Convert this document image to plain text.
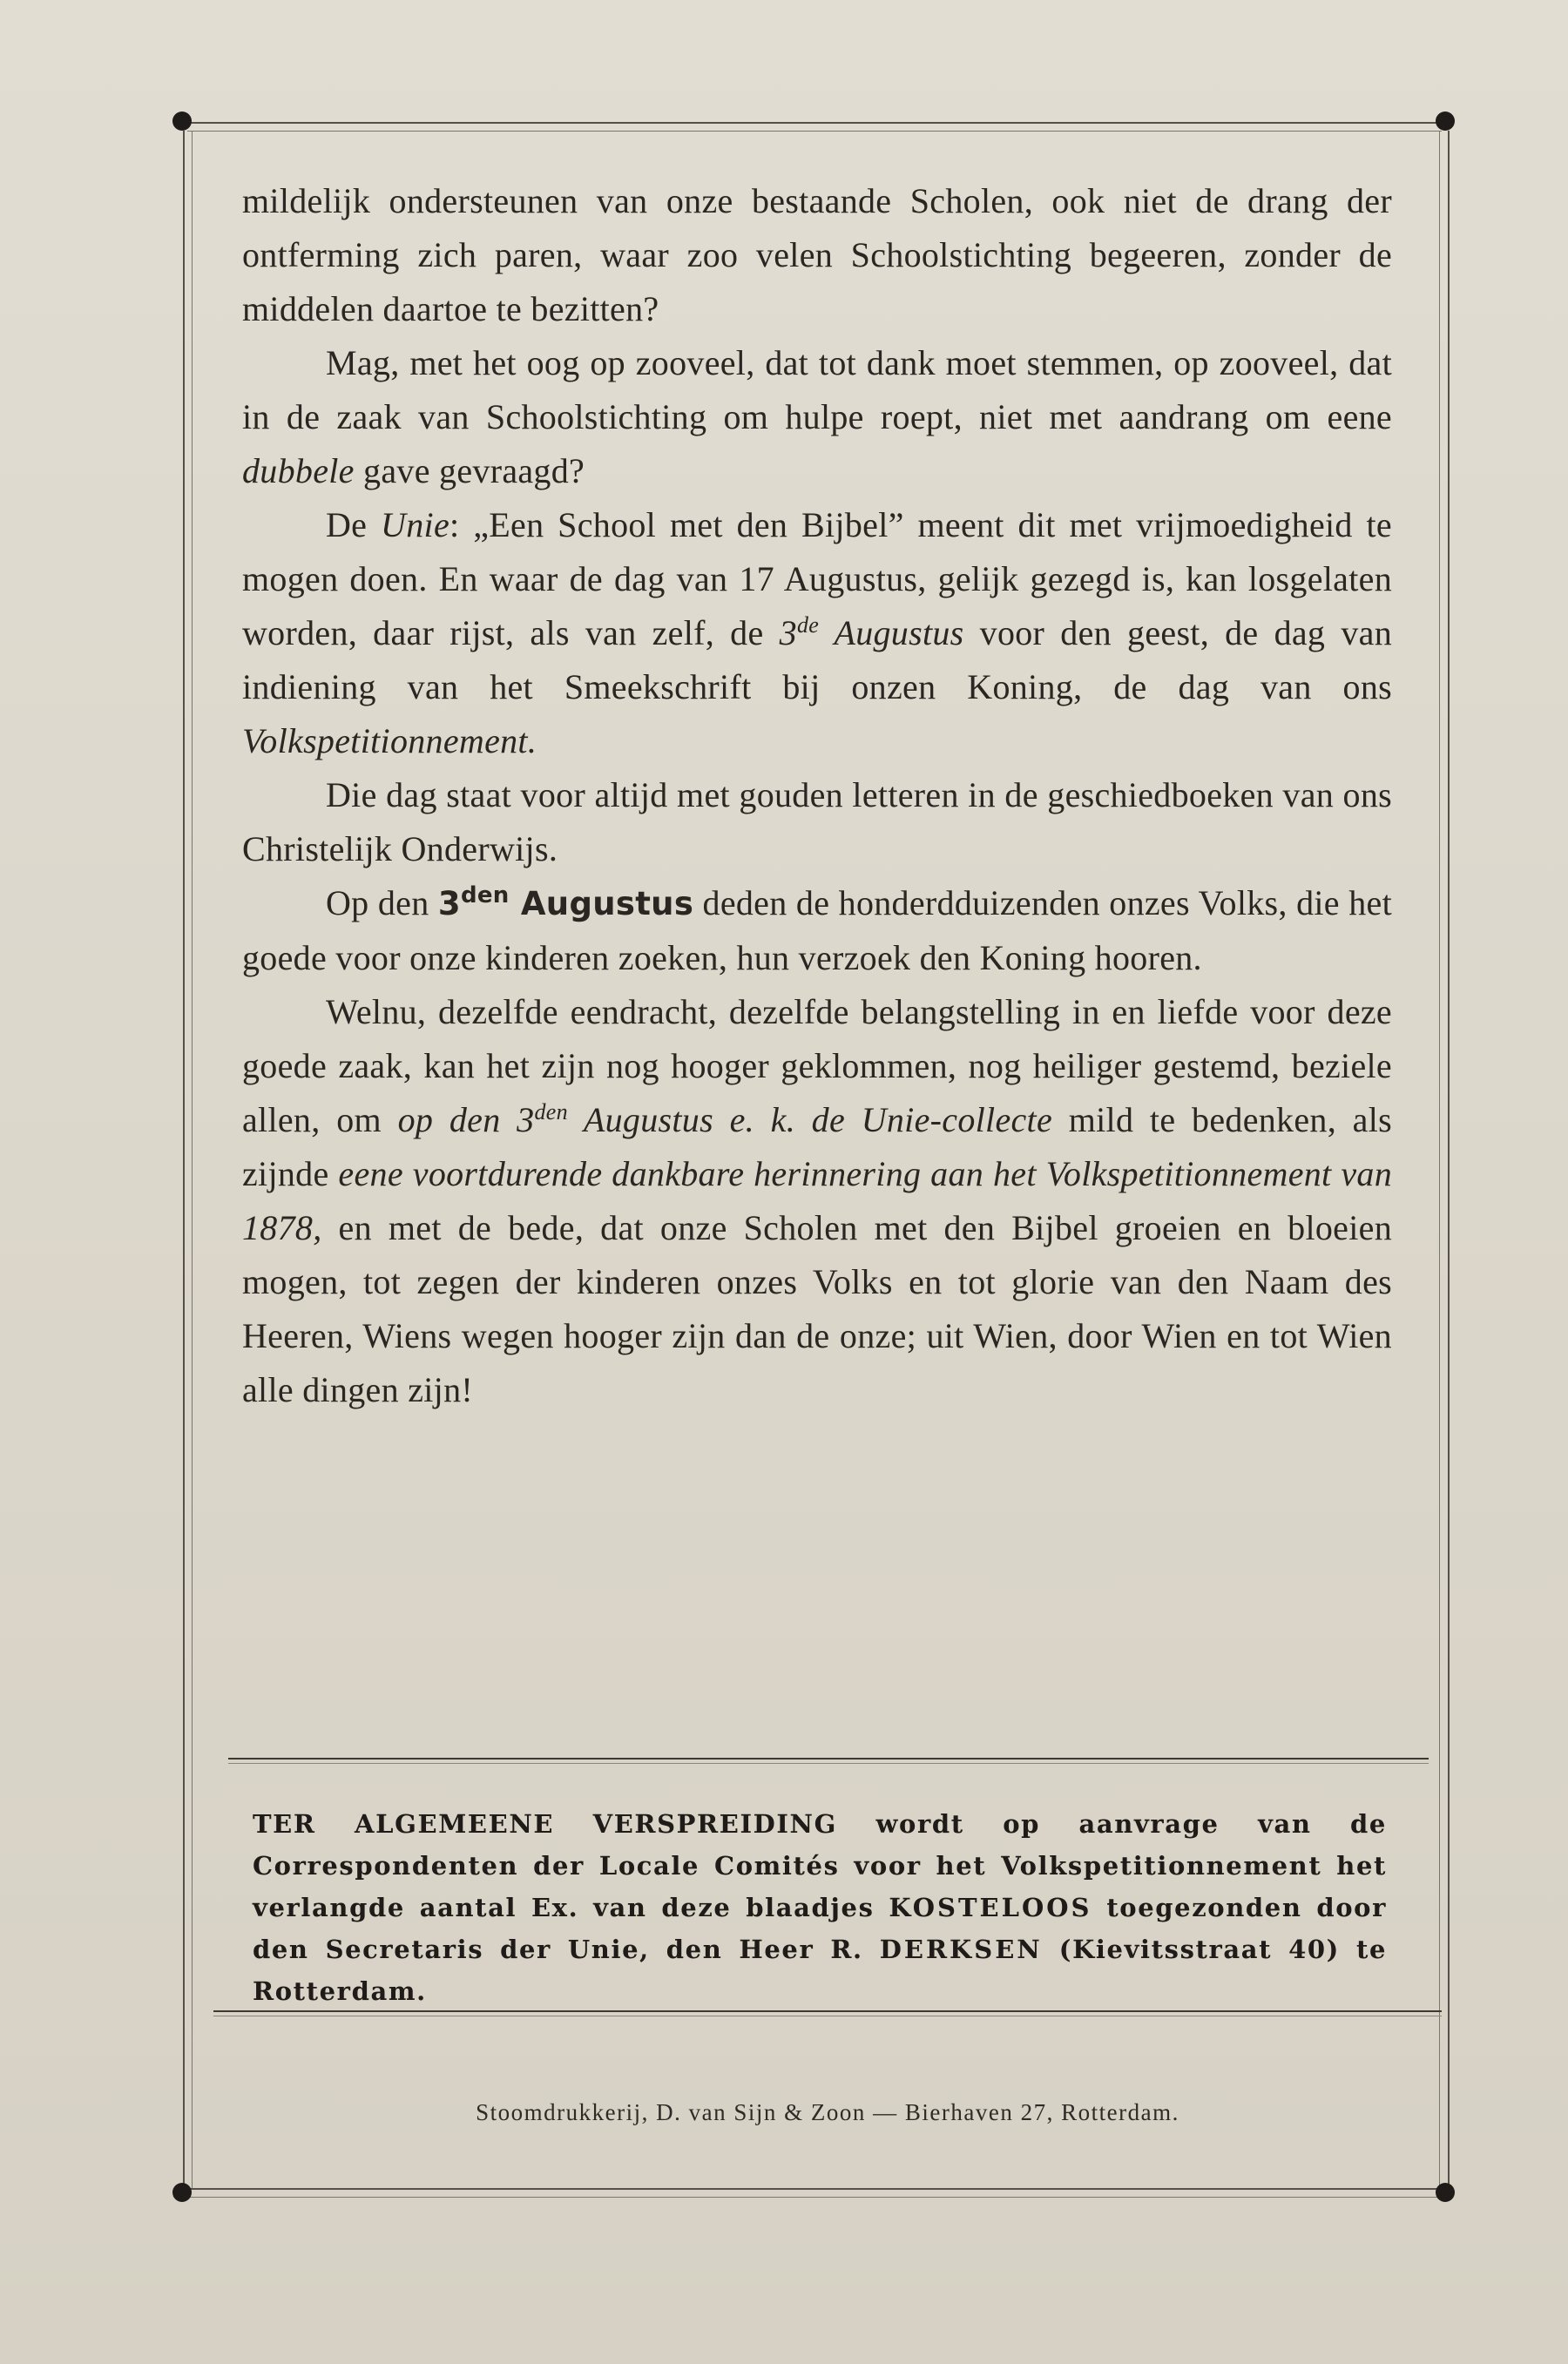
mildelijk ondersteunen van onze bestaande Scholen, ook niet de drang der ontferming zich paren, waar zoo velen Schoolstichting begeeren, zonder de middelen daartoe te bezitten?

Mag, met het oog op zooveel, dat tot dank moet stemmen, op zooveel, dat in de zaak van Schoolstichting om hulpe roept, niet met aandrang om eene dubbele gave gevraagd?

De Unie: „Een School met den Bijbel” meent dit met vrijmoedigheid te mogen doen. En waar de dag van 17 Augustus, gelijk gezegd is, kan losgelaten worden, daar rijst, als van zelf, de 3de Augustus voor den geest, de dag van indiening van het Smeekschrift bij onzen Koning, de dag van ons Volkspetitionnement.

Die dag staat voor altijd met gouden letteren in de geschiedboeken van ons Christelijk Onderwijs.

Op den $3^{den}$ Augustus deden de honderdduizenden onzes Volks, die het goede voor onze kinderen zoeken, hun verzoek den Koning hooren.

Welnu, dezelfde eendracht, dezelfde belangstelling in en liefde voor deze goede zaak, kan het zijn nog hooger geklommen, nog heiliger gestemd, beziele allen, om op den $3^{den}$ Augustus e. k. de Unie-collecte mild te bedenken, als zijnde eene voortdurende dankbare herinnering aan het Volkspetitionnement van 1878, en met de bede, dat onze Scholen met den Bijbel groeien en bloeien mogen, tot zegen der kinderen onzes Volks en tot glorie van den Naam des Heeren, Wiens wegen hooger zijn dan de onze; uit Wien, door Wien en tot Wien alle dingen zijn!

TER ALGEMEENE VERSPREIDING wordt op aanvrage van de Correspondenten der Locale Comités voor het Volkspetitionnement het verlangde aantal Ex. van deze blaadjes KOSTELOOS toegezonden door den Secretaris der Unie, den Heer R. DERKSEN (Kievitsstraat 40) te Rotterdam.
Stoomdrukkerij, D. van Sijn & Zoon — Bierhaven 27, Rotterdam.
